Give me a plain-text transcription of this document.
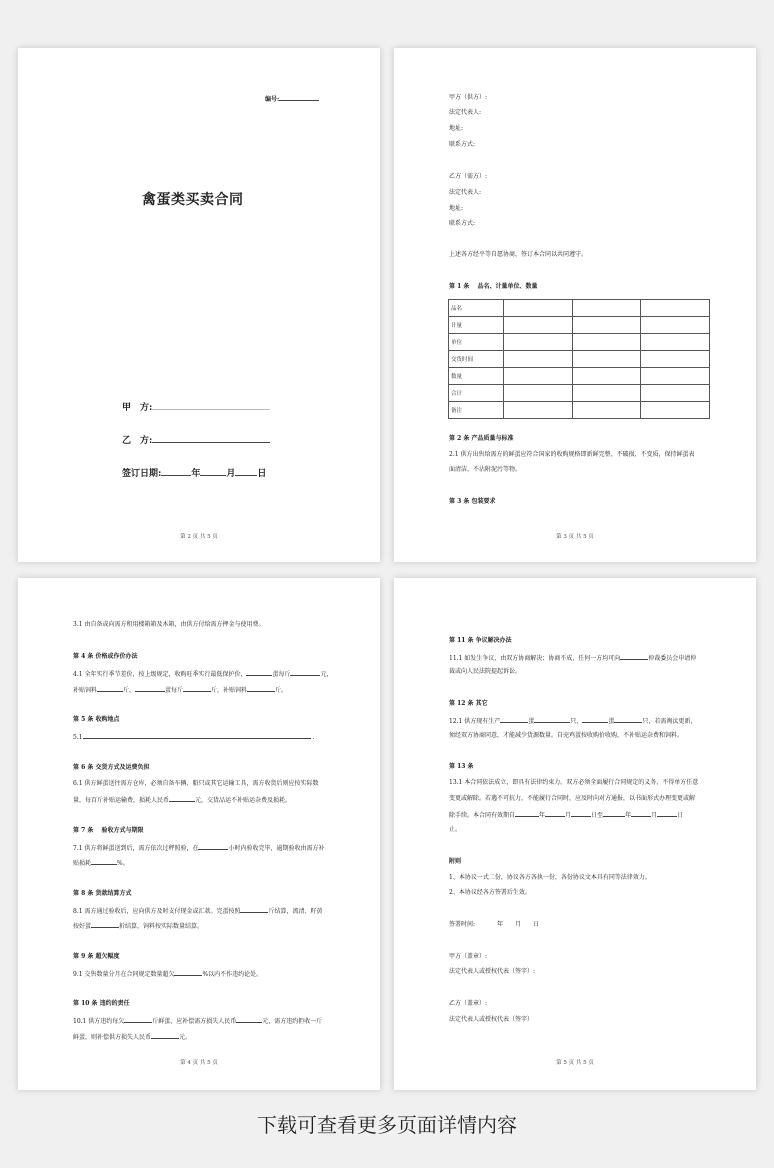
编号:
禽蛋类买卖合同
甲　方:
乙　方:
签订日期:	年	月 日
第 2 页 共 5 页
甲方（供方）:
法定代表人:
地址:
联系方式:
乙方（需方）:
法定代表人:
地址:
联系方式:
上述各方经平等自愿协商，签订本合同以共同遵守。
第 1 条　 品名、计量单位、数量
品名			
计量			
单位			
交货时间			
数量			
合计			
备注			
第 2 条 产品质量与标准
2.1 供方出售给需方的鲜蛋应符合国家的收购规格即新鲜完整、不破损、不变质，保持鲜蛋表
面清洁，不沾附泥污等物。
第 3 条 包装要求
第 3 页 共 5 页
3.1 由自备或向需方租用楼箱箱及木箱，由供方付给需方押金与使用费。
第 4 条 价格或作价办法
4.1 全年实行季节差价，按上级规定，收购旺季实行最低保护价，	蛋每斤	元，
补贴饲料	斤，	蛋每斤	斤，补贴饲料	斤。
第 5 条 收购地点
5.1	.
第 6 条 交货方式及运费负担
6.1 供方鲜蛋送往需方仓库，必须自备车辆、船只或其它运输工具，需方收货后则应按实际数
量，每百斤补贴运输费，损耗人民币	元，交货品运不补贴运杂费及损耗。
第 7 条　 验收方式与期限
7.1 供方将鲜蛋送到后，需方依次过秤照验，在	小时内验收完毕，逾期验收由需方补
贴损耗	%。
第 8 条 货款结算方式
8.1 需方通过验收后，应向供方及时支付现金或汇款。完蛋按照	斤结算，流清、籽黄
按好蛋	折结算，饲料按实际数量结算。
第 9 条 超欠幅度
9.1 交售数量分月在合同规定数量超欠	%以内不作违约论处。
第 10 条 违约的责任
10.1 供方违约每欠	斤鲜蛋，应补偿需方损失人民币	元，需方违约拒收一斤
鲜蛋，则补偿供方损失人民币	元。
第 4 页 共 5 页
第 11 条 争议解决办法
11.1 如发生争议，由双方协商解决；协商不成，任何一方均可向	仲裁委员会申请仲
裁或向人民法院提起诉讼。
第 12 条 其它
12.1 供方现有生产	蛋	只，	蛋	只，若需淘汰更新，
须经双方协商同意，才能减少货源数量。自売鸡蛋按收购价收购，不补贴运杂费和饲料。
第 13 条
13.1 本合同依法成立，即具有法律约束力。双方必须全面履行合同规定的义务，不得单方任意
变更或解除。若遇不可抗力，不能履行合同时，应及时向对方通报，以书面形式办理变更或解
除手续。本合同有效期自	年	月	日至	年	月	日
止。
附则
1、本协议一式二份，协议各方各执一份，各份协议文本具有同等法律效力。
2、本协议经各方签署后生效。
签署时间:	年 月 日
甲方（盖章）:
法定代表人或授权代表（签字）:
乙方（盖章）:
法定代表人或授权代表（签字）
第 5 页 共 5 页
下载可查看更多页面详情内容
